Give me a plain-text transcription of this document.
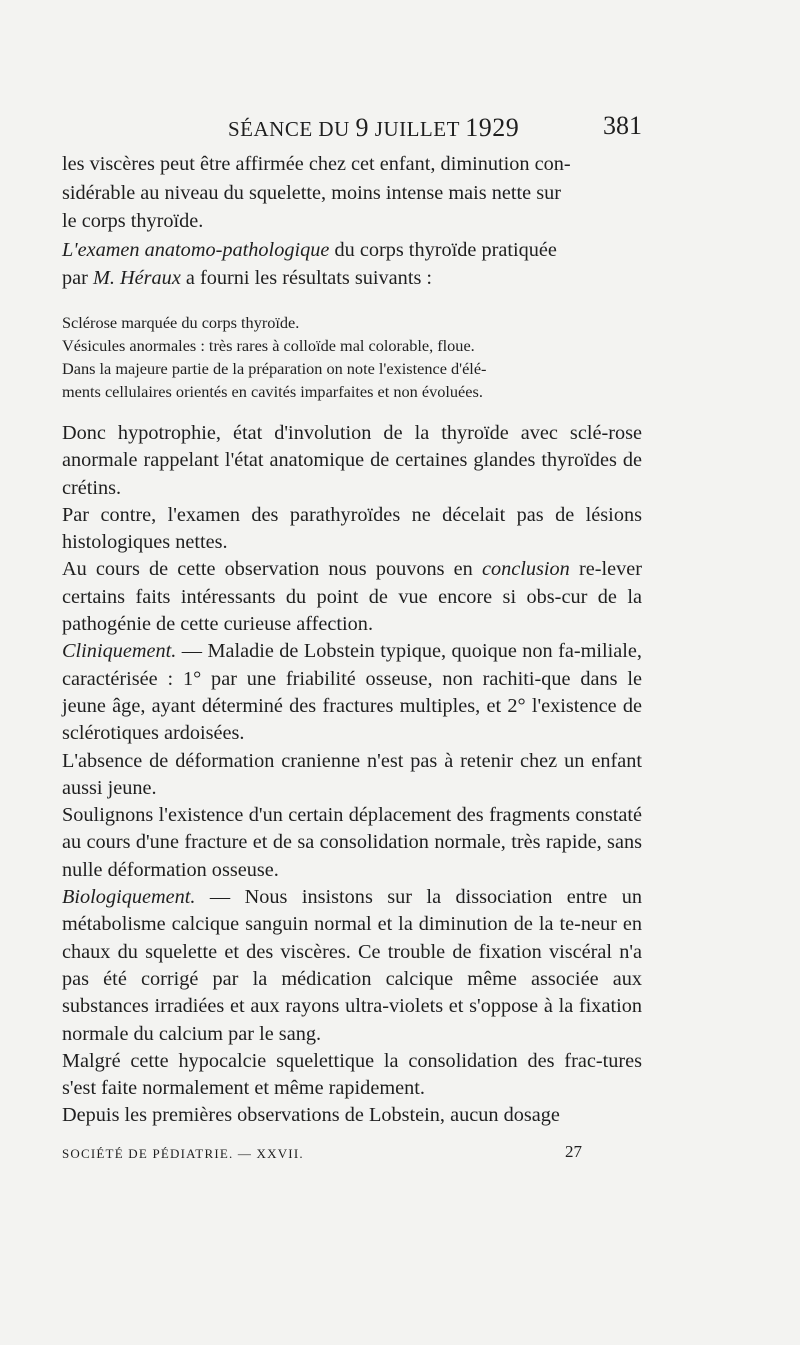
SÉANCE DU 9 JUILLET 1929	381

les viscères peut être affirmée chez cet enfant, diminution con-

sidérable au niveau du squelette, moins intense mais nette sur

le corps thyroïde.

L'examen anatomo-pathologique du corps thyroïde pratiquée

par M. Héraux a fourni les résultats suivants :

Sclérose marquée du corps thyroïde.

Vésicules anormales : très rares à colloïde mal colorable, floue.

Dans la majeure partie de la préparation on note l'existence d'élé-

ments cellulaires orientés en cavités imparfaites et non évoluées.

Donc hypotrophie, état d'involution de la thyroïde avec sclé-rose anormale rappelant l'état anatomique de certaines glandes thyroïdes de crétins.

Par contre, l'examen des parathyroïdes ne décelait pas de lésions histologiques nettes.

Au cours de cette observation nous pouvons en conclusion re-lever certains faits intéressants du point de vue encore si obs-cur de la pathogénie de cette curieuse affection.

Cliniquement. — Maladie de Lobstein typique, quoique non fa-miliale, caractérisée : 1° par une friabilité osseuse, non rachiti-que dans le jeune âge, ayant déterminé des fractures multiples, et 2° l'existence de sclérotiques ardoisées.

L'absence de déformation cranienne n'est pas à retenir chez un enfant aussi jeune.

Soulignons l'existence d'un certain déplacement des fragments constaté au cours d'une fracture et de sa consolidation normale, très rapide, sans nulle déformation osseuse.

Biologiquement. — Nous insistons sur la dissociation entre un métabolisme calcique sanguin normal et la diminution de la te-neur en chaux du squelette et des viscères. Ce trouble de fixation viscéral n'a pas été corrigé par la médication calcique même associée aux substances irradiées et aux rayons ultra-violets et s'oppose à la fixation normale du calcium par le sang.

Malgré cette hypocalcie squelettique la consolidation des frac-tures s'est faite normalement et même rapidement.

Depuis les premières observations de Lobstein, aucun dosage

SOCIÉTÉ DE PÉDIATRIE. — XXVII.	27
